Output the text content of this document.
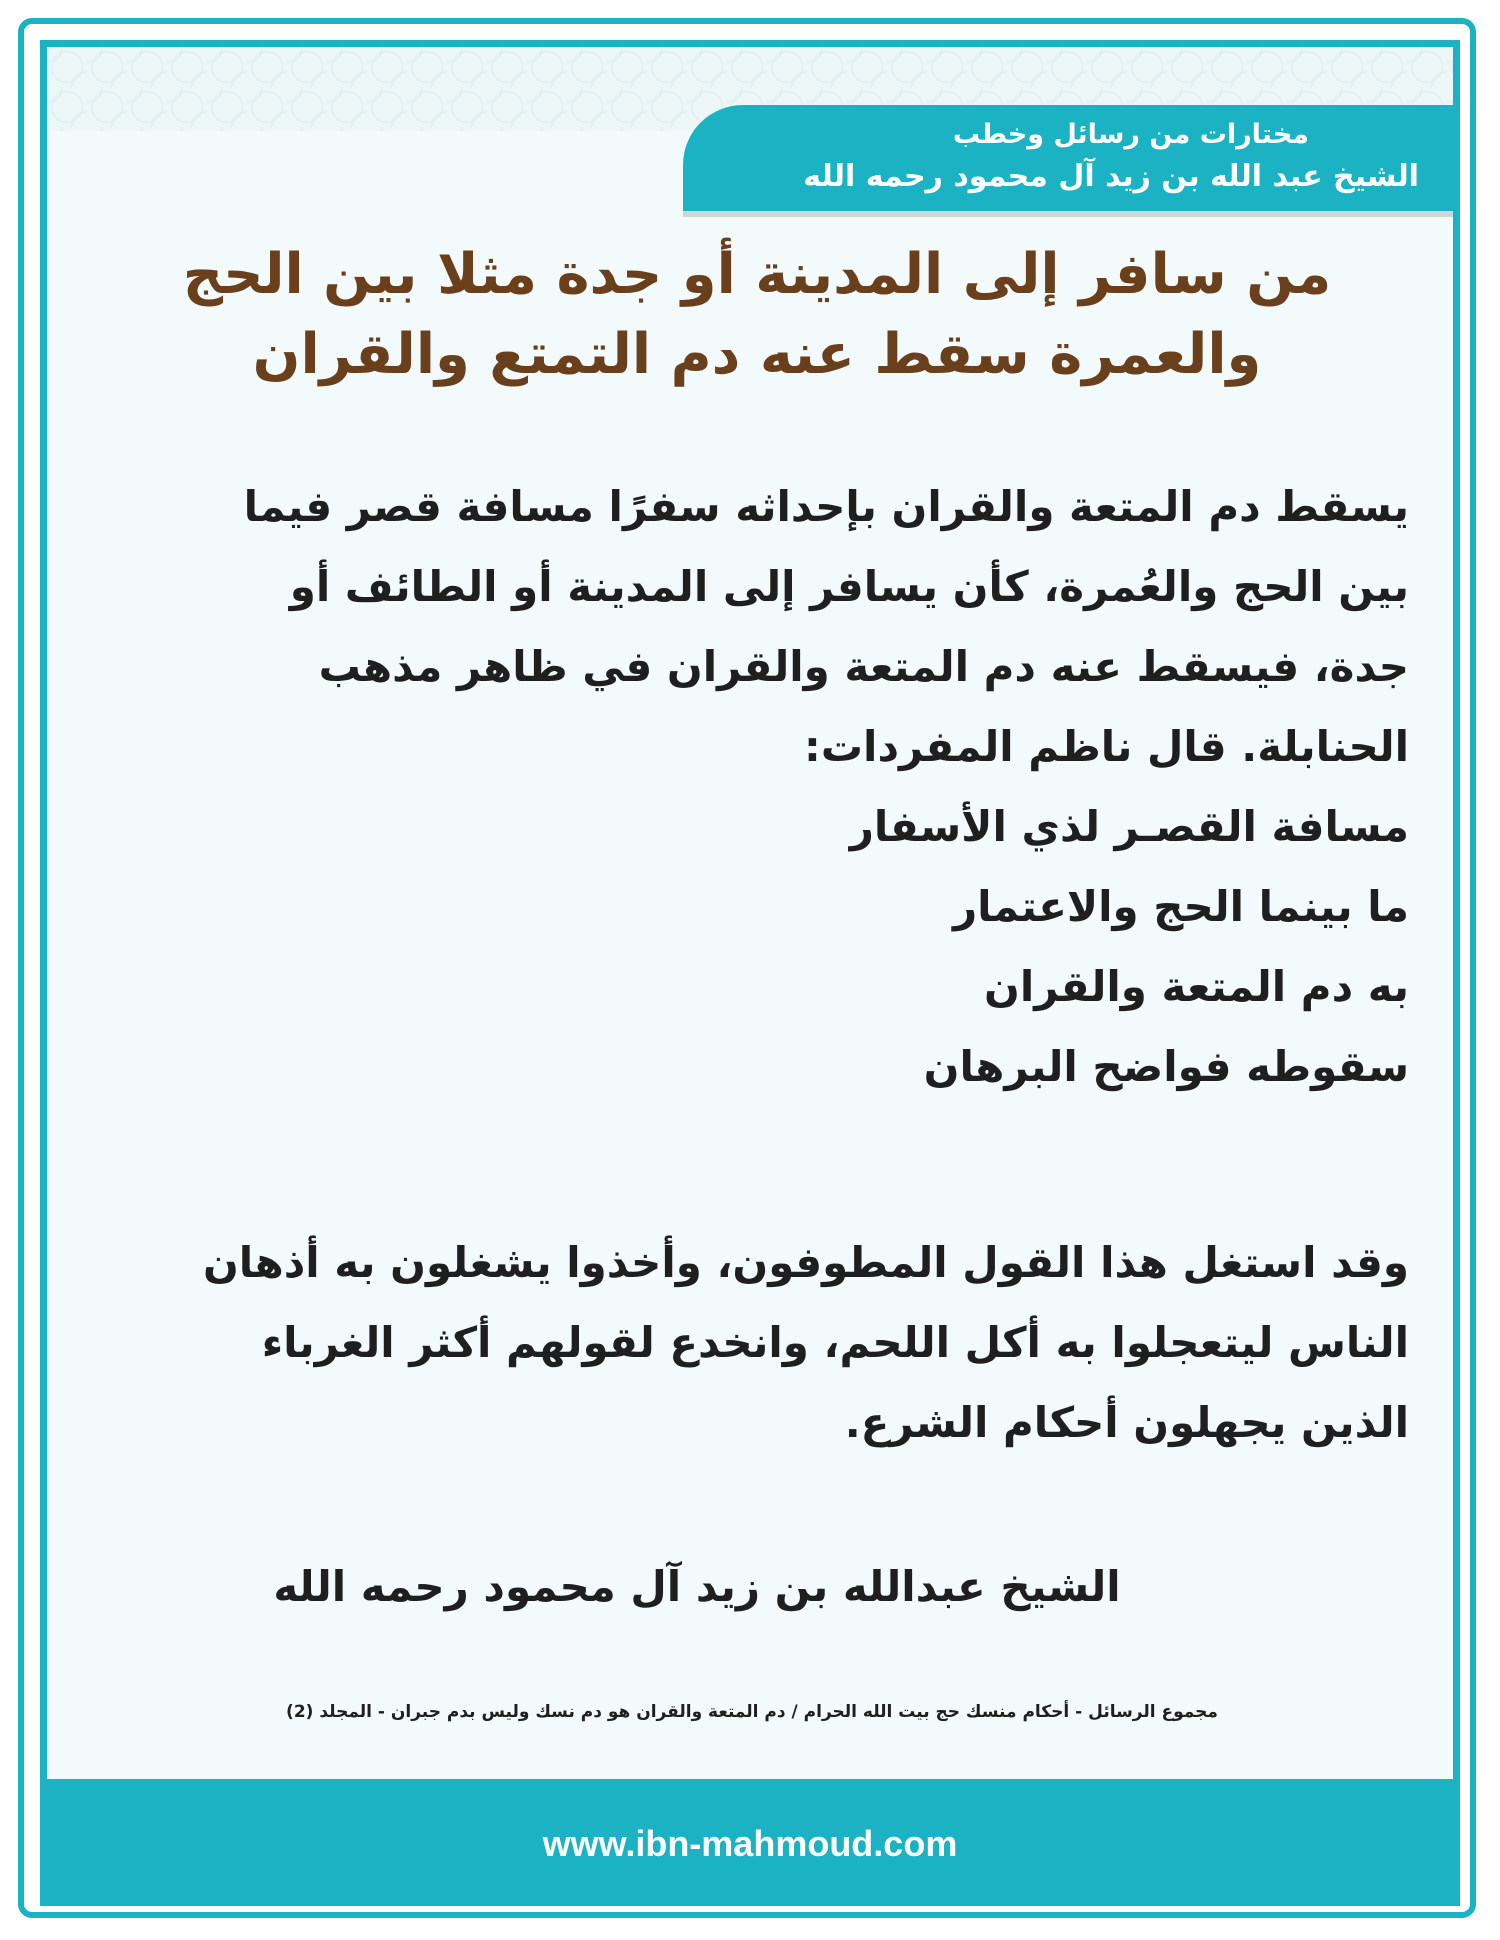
مختارات من رسائل وخطب
الشيخ عبد الله بن زيد آل محمود رحمه الله
من سافر إلى المدينة أو جدة مثلا بين الحج
والعمرة سقط عنه دم التمتع والقران
يسقط دم المتعة والقران بإحداثه سفرًا مسافة قصر فيما
بين الحج والعُمرة، كأن يسافر إلى المدينة أو الطائف أو
جدة، فيسقط عنه دم المتعة والقران في ظاهر مذهب
الحنابلة. قال ناظم المفردات:
مسافة القصـر لذي الأسفار
ما بينما الحج والاعتمار
به دم المتعة والقران
سقوطه فواضح البرهان
وقد استغل هذا القول المطوفون، وأخذوا يشغلون به أذهان
الناس ليتعجلوا به أكل اللحم، وانخدع لقولهم أكثر الغرباء
الذين يجهلون أحكام الشرع.
الشيخ عبدالله بن زيد آل محمود رحمه الله
مجموع الرسائل - أحكام منسك حج بيت الله الحرام / دم المتعة والقران هو دم نسك وليس بدم جبران - المجلد (2)
www.ibn-mahmoud.com
